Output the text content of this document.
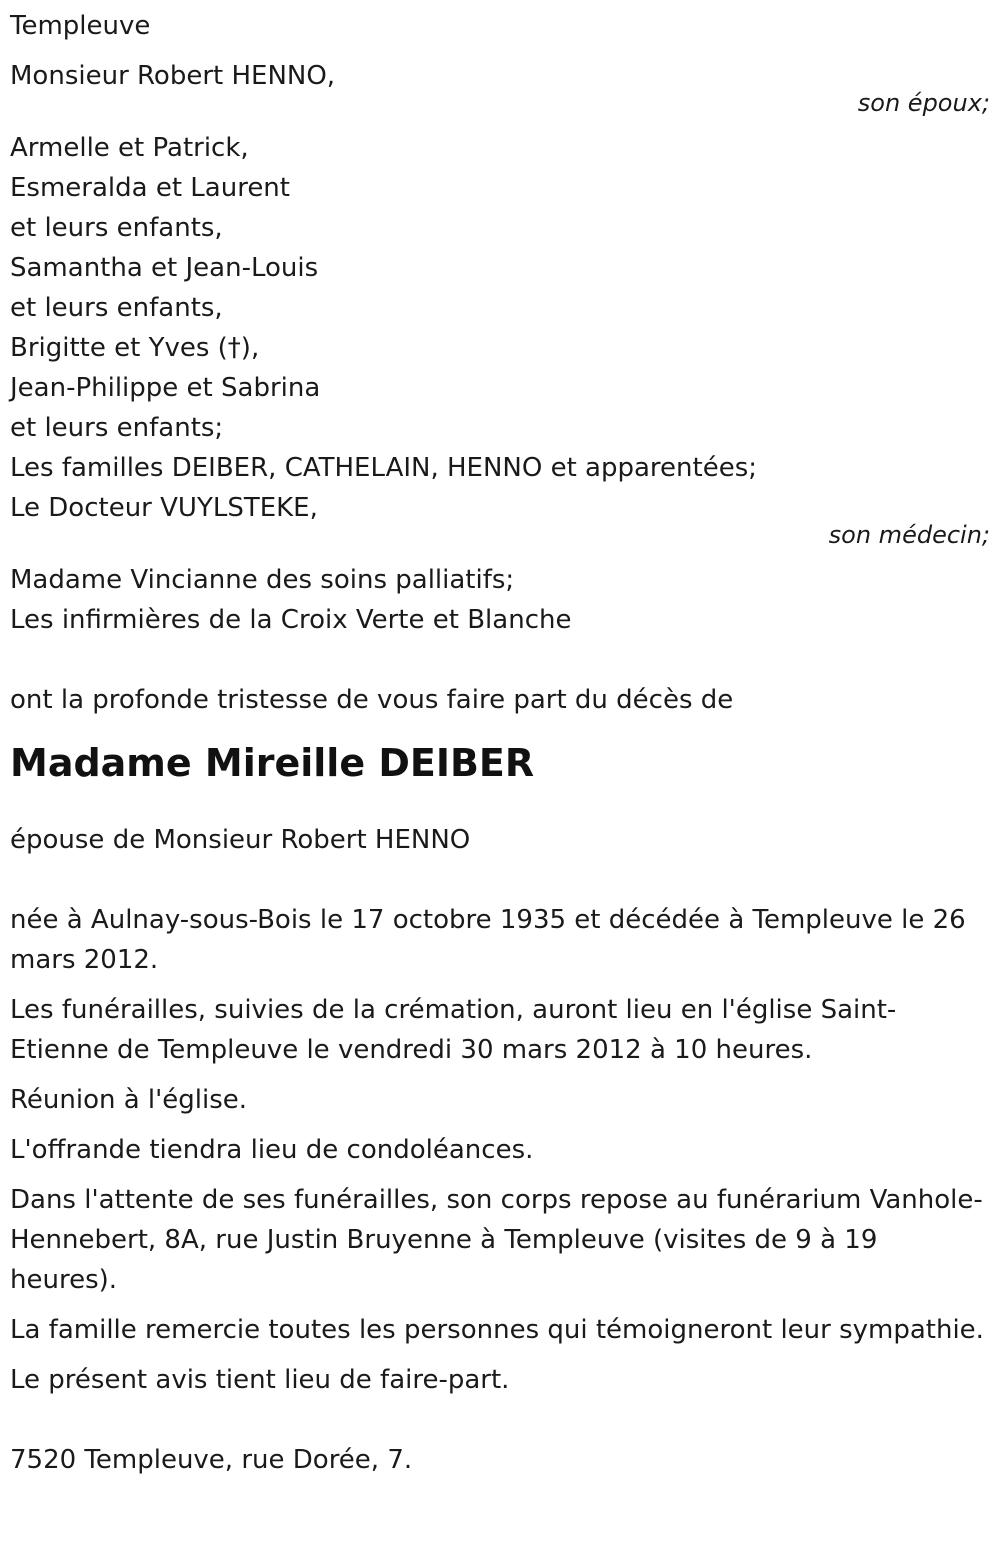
Templeuve
Monsieur Robert HENNO,
son époux;
Armelle et Patrick,
Esmeralda et Laurent
et leurs enfants,
Samantha et Jean-Louis
et leurs enfants,
Brigitte et Yves (†),
Jean-Philippe et Sabrina
et leurs enfants;
Les familles DEIBER, CATHELAIN, HENNO et apparentées;
Le Docteur VUYLSTEKE,
son médecin;
Madame Vincianne des soins palliatifs;
Les infirmières de la Croix Verte et Blanche
ont la profonde tristesse de vous faire part du décès de
Madame Mireille DEIBER
épouse de Monsieur Robert HENNO
née à Aulnay-sous-Bois le 17 octobre 1935 et décédée à Templeuve le 26 mars 2012.
Les funérailles, suivies de la crémation, auront lieu en l'église Saint-Etienne de Templeuve le vendredi 30 mars 2012 à 10 heures.
Réunion à l'église.
L'offrande tiendra lieu de condoléances.
Dans l'attente de ses funérailles, son corps repose au funérarium Vanhole-Hennebert, 8A, rue Justin Bruyenne à Templeuve (visites de 9 à 19 heures).
La famille remercie toutes les personnes qui témoigneront leur sympathie.
Le présent avis tient lieu de faire-part.
7520 Templeuve, rue Dorée, 7.
